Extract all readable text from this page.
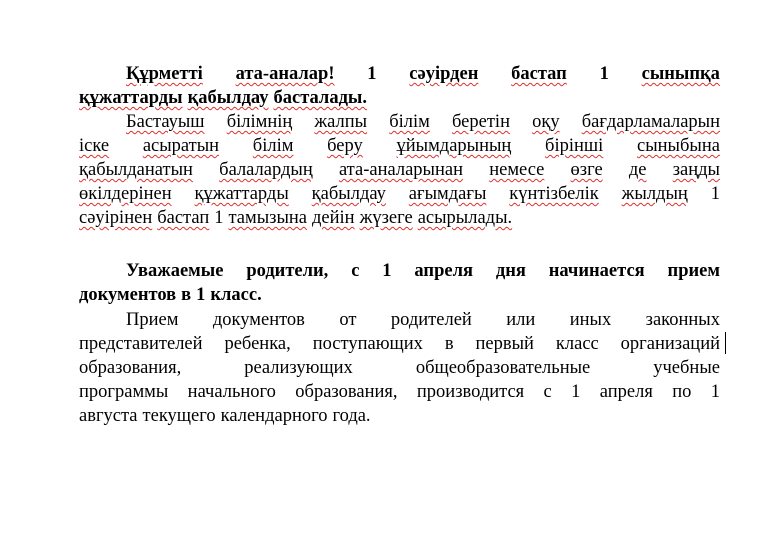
Құрметті ата-аналар! 1 сәуірден бастап 1 сыныпқа
құжаттарды қабылдау басталады.
Бастауыш білімнің жалпы білім беретін оқу бағдарламаларын
іске асыратын білім беру ұйымдарының бірінші сыныбына
қабылданатын балалардың ата-аналарынан немесе өзге де заңды
өкілдерінен құжаттарды қабылдау ағымдағы күнтізбелік жылдың 1
сәуірінен бастап 1 тамызына дейін жүзеге асырылады.
Уважаемые родители, с 1 апреля дня начинается прием
документов в 1 класс.
Прием документов от родителей или иных законных
представителей ребенка, поступающих в первый класс организаций
образования,	реализующих	общеобразовательные	учебные
программы начального образования, производится с 1 апреля по 1
августа текущего календарного года.
